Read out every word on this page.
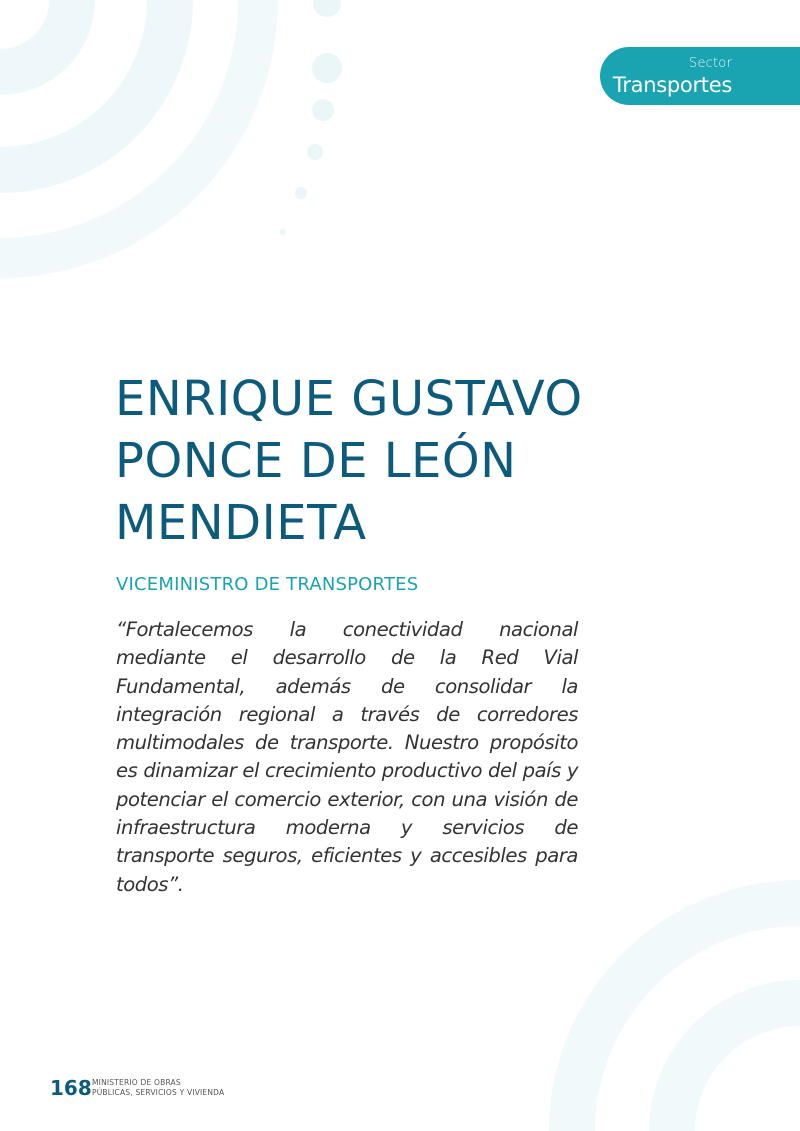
Sector
Transportes
ENRIQUE GUSTAVO
PONCE DE LEÓN
MENDIETA
VICEMINISTRO DE TRANSPORTES
“Fortalecemos la conectividad nacional mediante el desarrollo de la Red Vial Fundamental, además de consolidar la integración regional a través de corredores multimodales de transporte. Nuestro propósito es dinamizar el crecimiento productivo del país y potenciar el comercio exterior, con una visión de infraestructura moderna y servicios de transporte seguros, eficientes y accesibles para todos”.
168 MINISTERIO DE OBRAS
PÚBLICAS, SERVICIOS Y VIVIENDA
